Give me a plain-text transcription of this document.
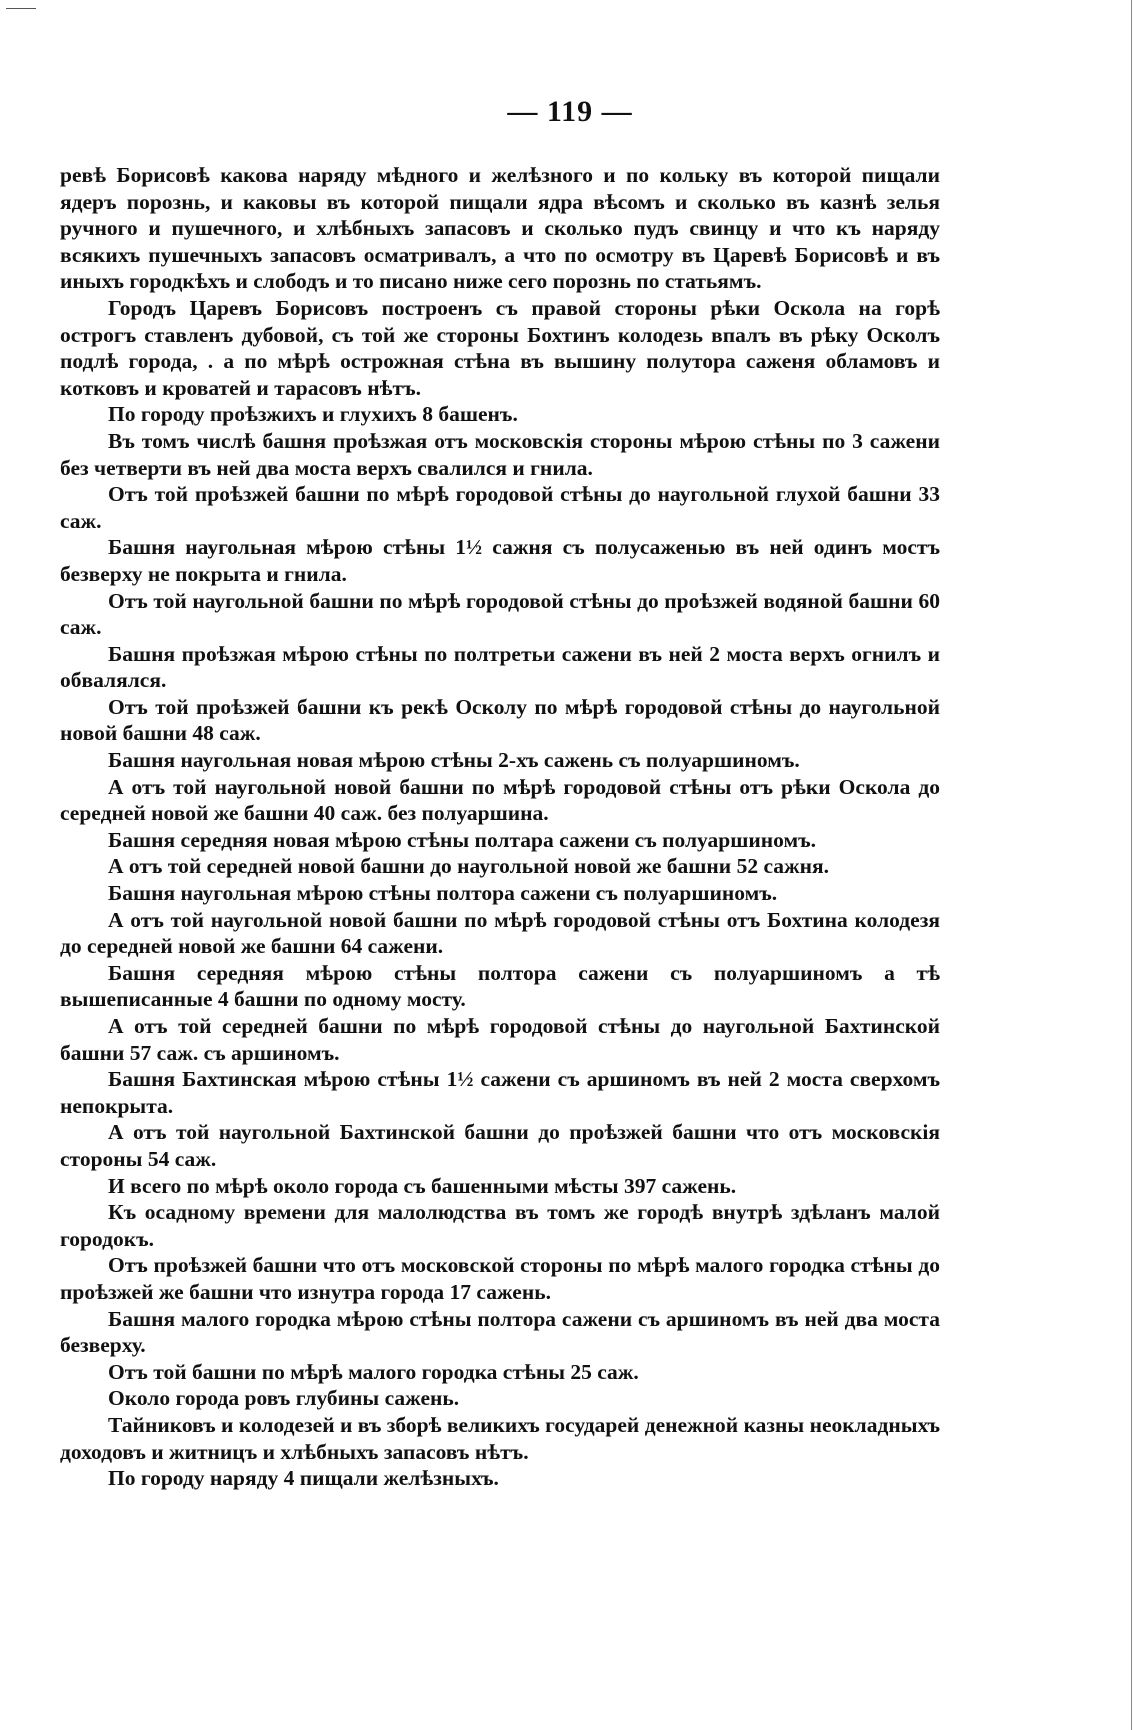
— 119 —

ревѣ Борисовѣ какова наряду мѣдного и желѣзного и по кольку въ которой пищали ядеръ порознь, и каковы въ которой пищали ядра вѣсомъ и сколько въ казнѣ зелья ручного и пушечного, и хлѣбныхъ запасовъ и сколько пудъ свинцу и что къ наряду всякихъ пушечныхъ запасовъ осматривалъ, а что по осмотру въ Царевѣ Борисовѣ и въ иныхъ городкѣхъ и слободъ и то писано ниже сего порознь по статьямъ.

Городъ Царевъ Борисовъ построенъ съ правой стороны рѣки Оскола на горѣ острогъ ставленъ дубовой, съ той же стороны Бохтинъ колодезь впалъ въ рѣку Осколъ подлѣ города, . а по мѣрѣ острожная стѣна въ вышину полутора саженя обламовъ и котковъ и кроватей и тарасовъ нѣтъ.

По городу проѣзжихъ и глухихъ 8 башенъ.

Въ томъ числѣ башня проѣзжая отъ московскія стороны мѣрою стѣны по 3 сажени без четверти въ ней два моста верхъ свалился и гнила.

Отъ той проѣзжей башни по мѣрѣ городовой стѣны до наугольной глухой башни 33 саж.

Башня наугольная мѣрою стѣны 1½ сажня съ полусаженью въ ней одинъ мостъ безверху не покрыта и гнила.

Отъ той наугольной башни по мѣрѣ городовой стѣны до проѣзжей водяной башни 60 саж.

Башня проѣзжая мѣрою стѣны по полтретьи сажени въ ней 2 моста верхъ огнилъ и обвалялся.

Отъ той проѣзжей башни къ рекѣ Осколу по мѣрѣ городовой стѣны до наугольной новой башни 48 саж.

Башня наугольная новая мѣрою стѣны 2-хъ сажень съ полуаршиномъ.

А отъ той наугольной новой башни по мѣрѣ городовой стѣны отъ рѣки Оскола до середней новой же башни 40 саж. без полуаршина.

Башня середняя новая мѣрою стѣны полтара сажени съ полуаршиномъ.

А отъ той середней новой башни до наугольной новой же башни 52 сажня.

Башня наугольная мѣрою стѣны полтора сажени съ полуаршиномъ.

А отъ той наугольной новой башни по мѣрѣ городовой стѣны отъ Бохтина колодезя до середней новой же башни 64 сажени.

Башня середняя мѣрою стѣны полтора сажени съ полуаршиномъ а тѣ вышеписанные 4 башни по одному мосту.

А отъ той середней башни по мѣрѣ городовой стѣны до наугольной Бахтинской башни 57 саж. съ аршиномъ.

Башня Бахтинская мѣрою стѣны 1½ сажени съ аршиномъ въ ней 2 моста сверхомъ непокрыта.

А отъ той наугольной Бахтинской башни до проѣзжей башни что отъ московскія стороны 54 саж.

И всего по мѣрѣ около города съ башенными мѣсты 397 сажень.

Къ осадному времени для малолюдства въ томъ же городѣ внутрѣ здѣланъ малой городокъ.

Отъ проѣзжей башни что отъ московской стороны по мѣрѣ малого городка стѣны до проѣзжей же башни что изнутра города 17 сажень.

Башня малого городка мѣрою стѣны полтора сажени съ аршиномъ въ ней два моста безверху.

Отъ той башни по мѣрѣ малого городка стѣны 25 саж.

Около города ровъ глубины сажень.

Тайниковъ и колодезей и въ зборѣ великихъ государей денежной казны неокладныхъ доходовъ и житницъ и хлѣбныхъ запасовъ нѣтъ.

По городу наряду 4 пищали желѣзныхъ.
